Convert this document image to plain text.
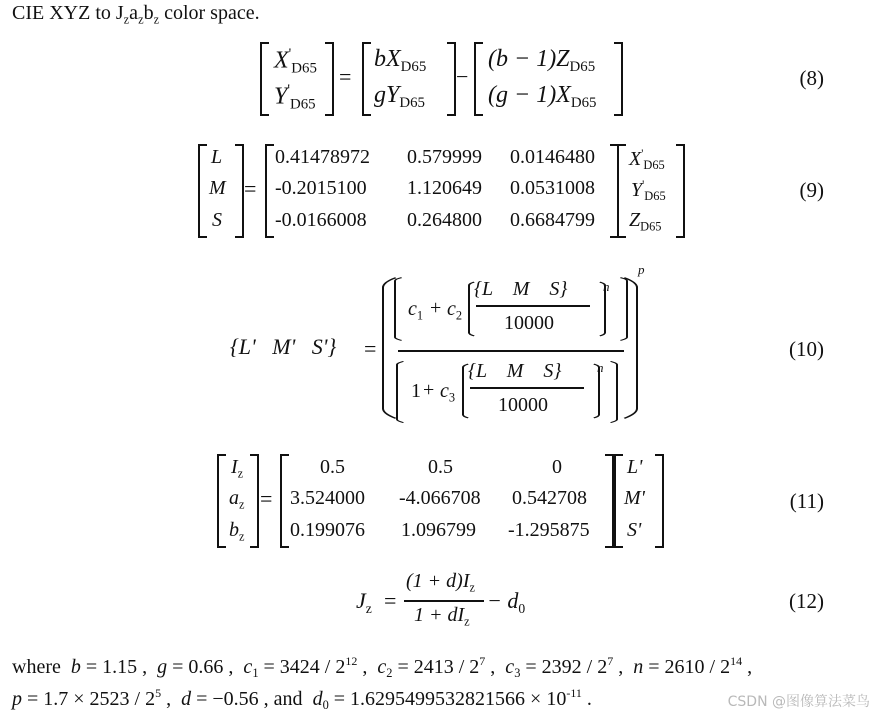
CIE XYZ to $J_za_zb_z$ color space.
$X'_{D65}$
$Y'_{D65}$
=
$bX_{D65}$
$gY_{D65}$
−
$(b - 1)Z_{D65}$
$(g - 1)X_{D65}$
(8)
L
M
S
=
0.41478972 0.579999 0.0146480
-0.2015100 1.120649 0.0531008
-0.0166008 0.264800 0.6684799
$X'_{D65}$
$Y'_{D65}$
$Z_{D65}$
(9)
{L'   M'   S'} =
p
$c_1 + c_2$
{L    M    S}
10000
n
$1 + c_3$
{L    M    S}
10000
n
(10)
$I_z$
$a_z$
$b_z$
=
0.5	0.5	0
3.524000 -4.066708 0.542708
0.199076 1.096799 -1.295875
L'
M'
S'
(11)
$J_z$ =
$(1 + d)I_z$
$1 + dI_z$
− $d_0$	(12)
where  b = 1.15 ,  g = 0.66 ,  $c_1 = 3424 / 2^{12}$ ,  $c_2 = 2413 / 2^7$ ,  $c_3 = 2392 / 2^7$ ,  $n = 2610 / 2^{14}$ ,
$p = 1.7 \times 2523 / 2^5$ ,  d = −0.56 , and  $d_0 = 1.6295499532821566 \times 10^{-11}$ .	CSDN @图像算法菜鸟
